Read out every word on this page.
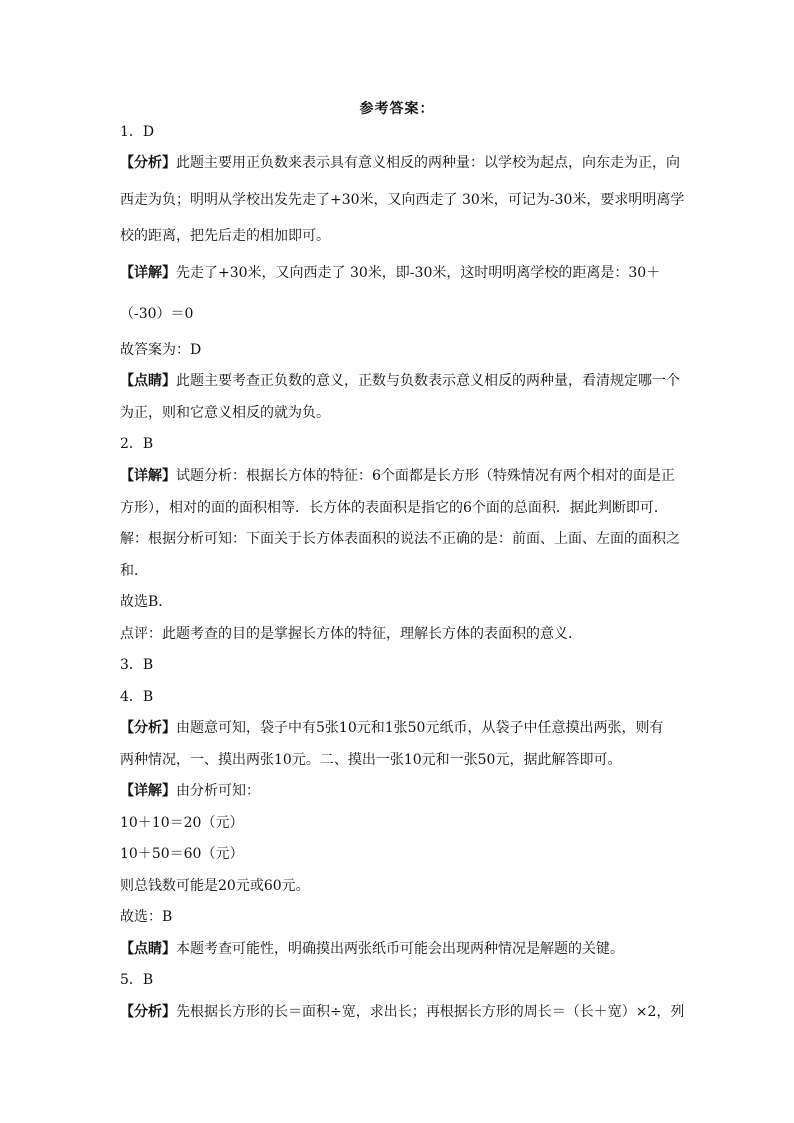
参考答案：
1．D
【分析】此题主要用正负数来表示具有意义相反的两种量：以学校为起点，向东走为正，向
西走为负；明明从学校出发先走了+30米，又向西走了 30米，可记为-30米，要求明明离学
校的距离，把先后走的相加即可。
【详解】先走了+30米，又向西走了 30米，即-30米，这时明明离学校的距离是：30＋
（-30）＝0
故答案为：D
【点睛】此题主要考查正负数的意义，正数与负数表示意义相反的两种量，看清规定哪一个
为正，则和它意义相反的就为负。
2．B
【详解】试题分析：根据长方体的特征：6个面都是长方形（特殊情况有两个相对的面是正
方形），相对的面的面积相等．长方体的表面积是指它的6个面的总面积．据此判断即可．
解：根据分析可知：下面关于长方体表面积的说法不正确的是：前面、上面、左面的面积之
和．
故选B．
点评：此题考查的目的是掌握长方体的特征，理解长方体的表面积的意义．
3．B
4．B
【分析】由题意可知，袋子中有5张10元和1张50元纸币，从袋子中任意摸出两张，则有
两种情况，一、摸出两张10元。二、摸出一张10元和一张50元，据此解答即可。
【详解】由分析可知：
10＋10＝20（元）
10＋50＝60（元）
则总钱数可能是20元或60元。
故选：B
【点睛】本题考查可能性，明确摸出两张纸币可能会出现两种情况是解题的关键。
5．B
【分析】先根据长方形的长＝面积÷宽，求出长；再根据长方形的周长＝（长＋宽）×2，列
